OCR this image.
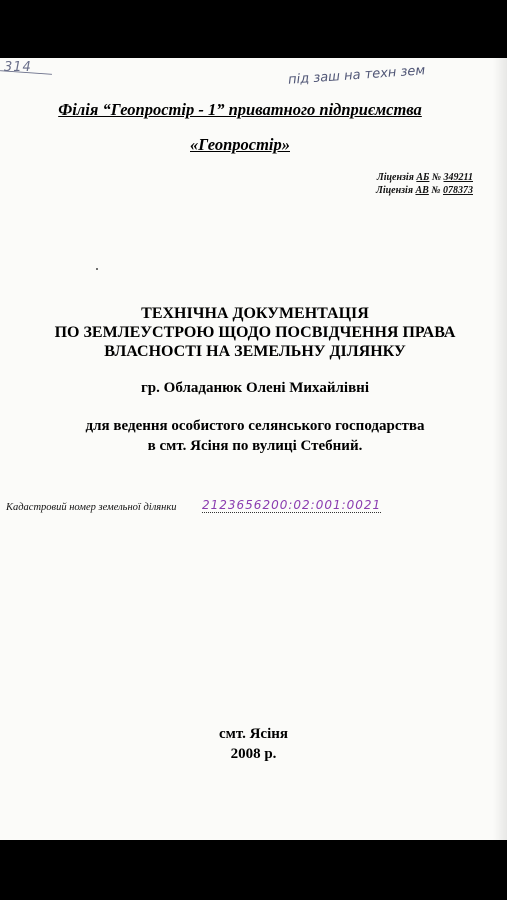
314	під заш на техн зем
Філія “Геопростір - 1” приватного підприємства
«Геопростір»
Ліцензія АБ № 349211
Ліцензія АВ № 078373
ТЕХНІЧНА ДОКУМЕНТАЦІЯ
ПО ЗЕМЛЕУСТРОЮ ЩОДО ПОСВІДЧЕННЯ ПРАВА
ВЛАСНОСТІ НА ЗЕМЕЛЬНУ ДІЛЯНКУ
гр. Обладанюк Олені Михайлівні
для ведення особистого селянського господарства
в смт. Ясіня по вулиці Стебний.
Кадастровий номер земельної ділянки 2123656200:02:001:0021
смт. Ясіня
2008 р.
